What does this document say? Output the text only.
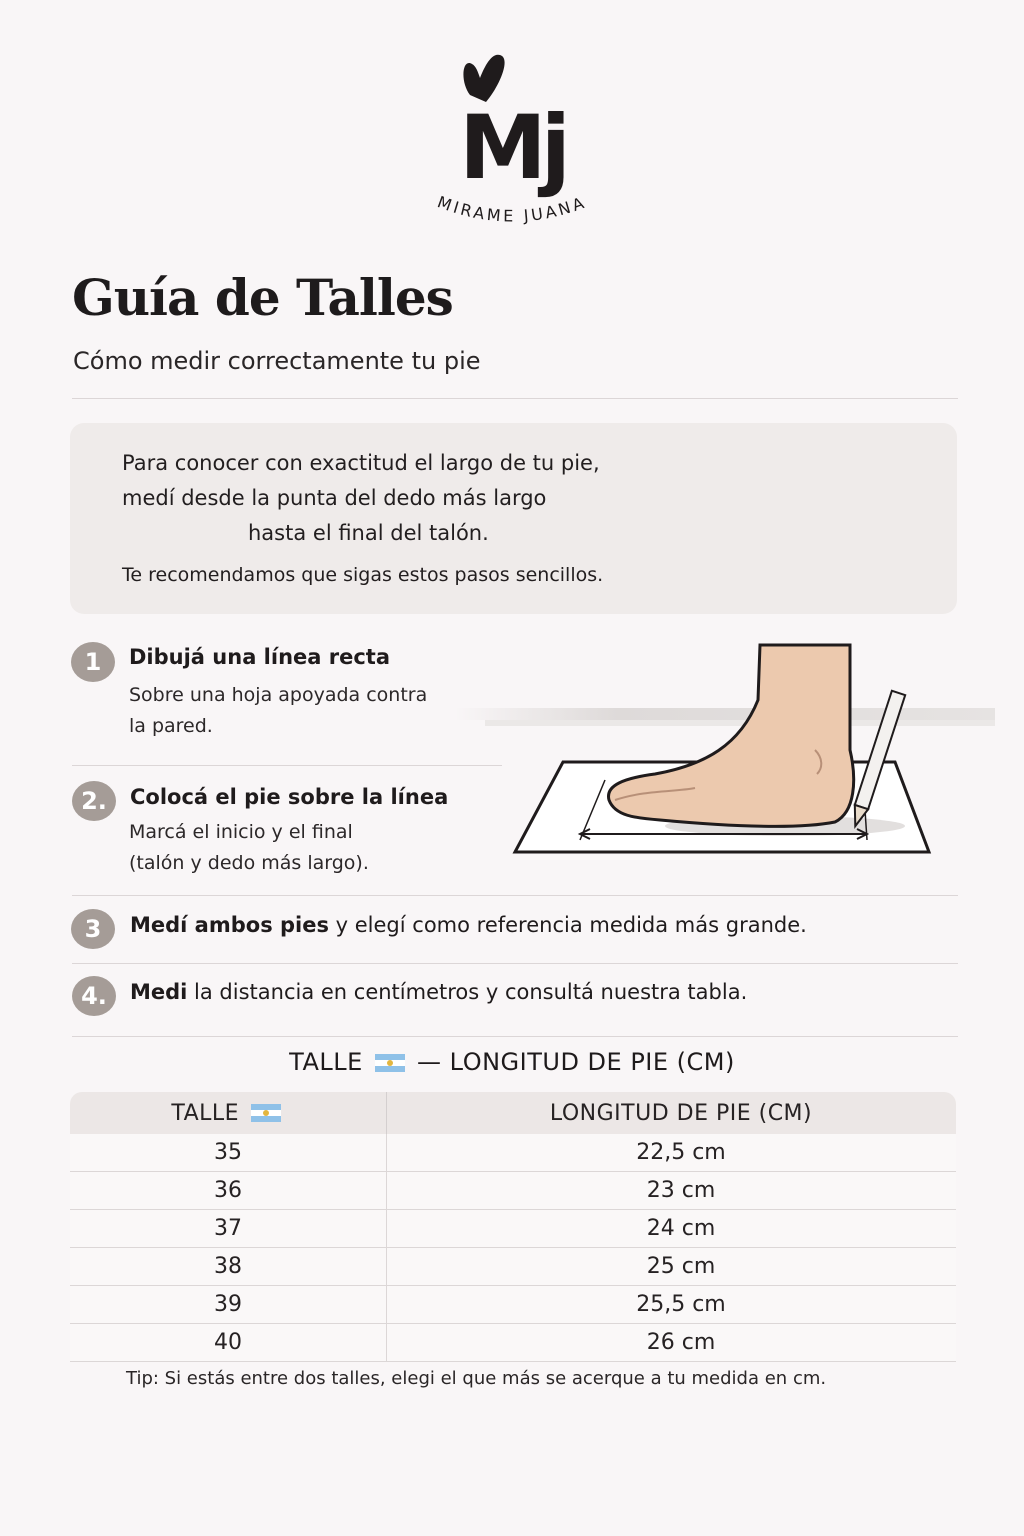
Mj
MIRAME JUANA
Guía de Talles
Cómo medir correctamente tu pie
Para conocer con exactitud el largo de tu pie,
medí desde la punta del dedo más largo
hasta el final del talón.
Te recomendamos que sigas estos pasos sencillos.
1	Dibujá una línea recta
Sobre una hoja apoyada contra
la pared.
2.	Colocá el pie sobre la línea
Marcá el inicio y el final
(talón y dedo más largo).
3	Medí ambos pies y elegí como referencia medida más grande.
4.	Medi la distancia en centímetros y consultá nuestra tabla.
TALLE — LONGITUD DE PIE (CM)
TALLE	LONGITUD DE PIE (CM)
35	22,5 cm
36	23 cm
37	24 cm
38	25 cm
39	25,5 cm
40	26 cm
Tip: Si estás entre dos talles, elegi el que más se acerque a tu medida en cm.
